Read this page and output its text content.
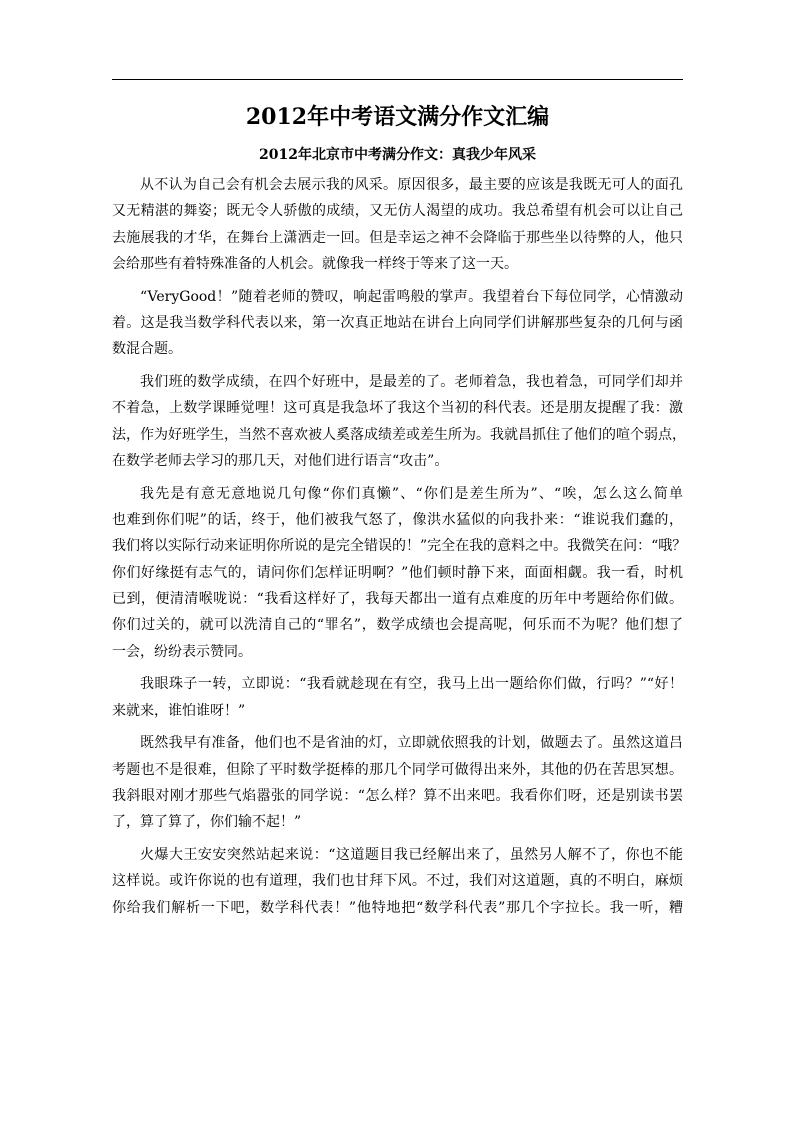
2012年中考语文满分作文汇编
2012年北京市中考满分作文：真我少年风采
从不认为自己会有机会去展示我的风采。原因很多，最主要的应该是我既无可人的面孔
又无精湛的舞姿；既无令人骄傲的成绩，又无仿人渴望的成功。我总希望有机会可以让自己
去施展我的才华，在舞台上潇洒走一回。但是幸运之神不会降临于那些坐以待弊的人，他只
会给那些有着特殊准备的人机会。就像我一样终于等来了这一天。
“VeryGood！”随着老师的赞叹，响起雷鸣般的掌声。我望着台下每位同学，心情激动
着。这是我当数学科代表以来，第一次真正地站在讲台上向同学们讲解那些复杂的几何与函
数混合题。
我们班的数学成绩，在四个好班中，是最差的了。老师着急，我也着急，可同学们却并
不着急，上数学课睡觉哩！这可真是我急坏了我这个当初的科代表。还是朋友提醒了我：激
法，作为好班学生，当然不喜欢被人奚落成绩差或差生所为。我就昌抓住了他们的喧个弱点，
在数学老师去学习的那几天，对他们进行语言“攻击”。
我先是有意无意地说几句像“你们真懒”、“你们是差生所为”、“唉，怎么这么简单
也难到你们呢”的话，终于，他们被我气怒了，像洪水猛似的向我扑来：“谁说我们蠢的，
我们将以实际行动来证明你所说的是完全错误的！”完全在我的意料之中。我微笑在问：“哦？
你们好缘挺有志气的，请问你们怎样证明啊？”他们顿时静下来，面面相觑。我一看，时机
已到，便清清喉咙说：“我看这样好了，我每天都出一道有点难度的历年中考题给你们做。
你们过关的，就可以洗清自己的“罪名”，数学成绩也会提高呢，何乐而不为呢？他们想了
一会，纷纷表示赞同。
我眼珠子一转，立即说：“我看就趁现在有空，我马上出一题给你们做，行吗？”“好！
来就来，谁怕谁呀！”
既然我早有准备，他们也不是省油的灯，立即就依照我的计划，做题去了。虽然这道吕
考题也不是很难，但除了平时数学挺棒的那几个同学可做得出来外，其他的仍在苦思冥想。
我斜眼对刚才那些气焰嚣张的同学说：“怎么样？算不出来吧。我看你们呀，还是别读书罢
了，算了算了，你们输不起！”
火爆大王安安突然站起来说：“这道题目我已经解出来了，虽然另人解不了，你也不能
这样说。或许你说的也有道理，我们也甘拜下风。不过，我们对这道题，真的不明白，麻烦
你给我们解析一下吧，数学科代表！”他特地把“数学科代表”那几个字拉长。我一听，糟
